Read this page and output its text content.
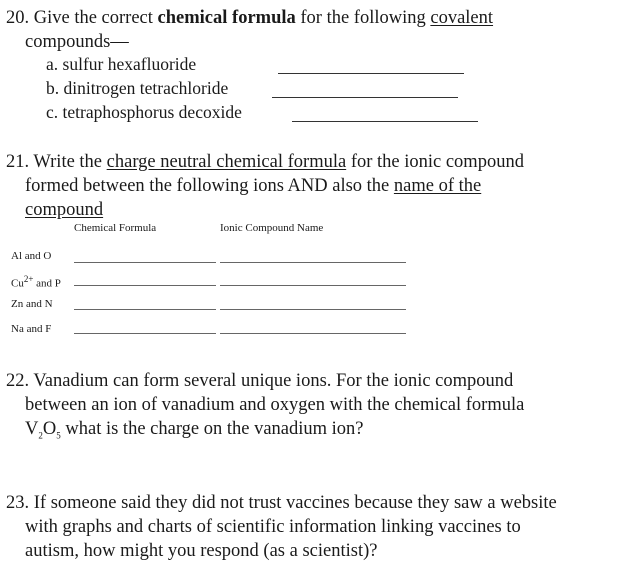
20. Give the correct chemical formula for the following covalent
compounds—
a. sulfur hexafluoride
b. dinitrogen tetrachloride
c. tetraphosphorus decoxide
21. Write the charge neutral chemical formula for the ionic compound
formed between the following ions AND also the name of the
compound
Chemical Formula	Ionic Compound Name
Al and O
$Cu^{2+}$ and P
Zn and N
Na and F
22. Vanadium can form several unique ions. For the ionic compound
between an ion of vanadium and oxygen with the chemical formula
$V_2O_5$ what is the charge on the vanadium ion?
23. If someone said they did not trust vaccines because they saw a website
with graphs and charts of scientific information linking vaccines to
autism, how might you respond (as a scientist)?
